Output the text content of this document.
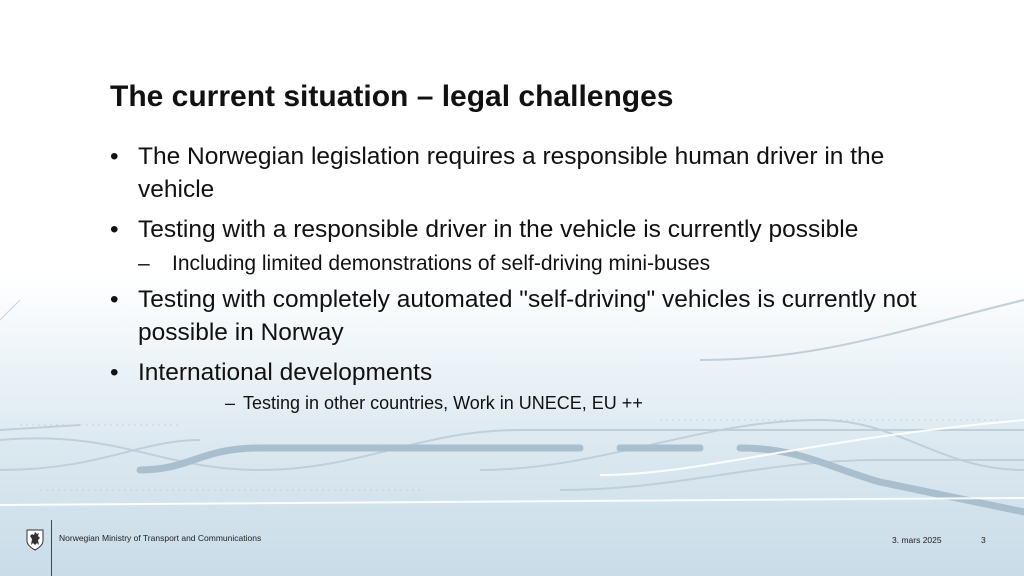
The current situation – legal challenges
• The Norwegian legislation requires a responsible human driver in the vehicle
• Testing with a responsible driver in the vehicle is currently possible
– Including limited demonstrations of self-driving mini-buses
• Testing with completely automated "self-driving" vehicles is currently not possible in Norway
• International developments
– Testing in other countries, Work in UNECE, EU ++
Norwegian Ministry of Transport and Communications	3. mars 2025	3
